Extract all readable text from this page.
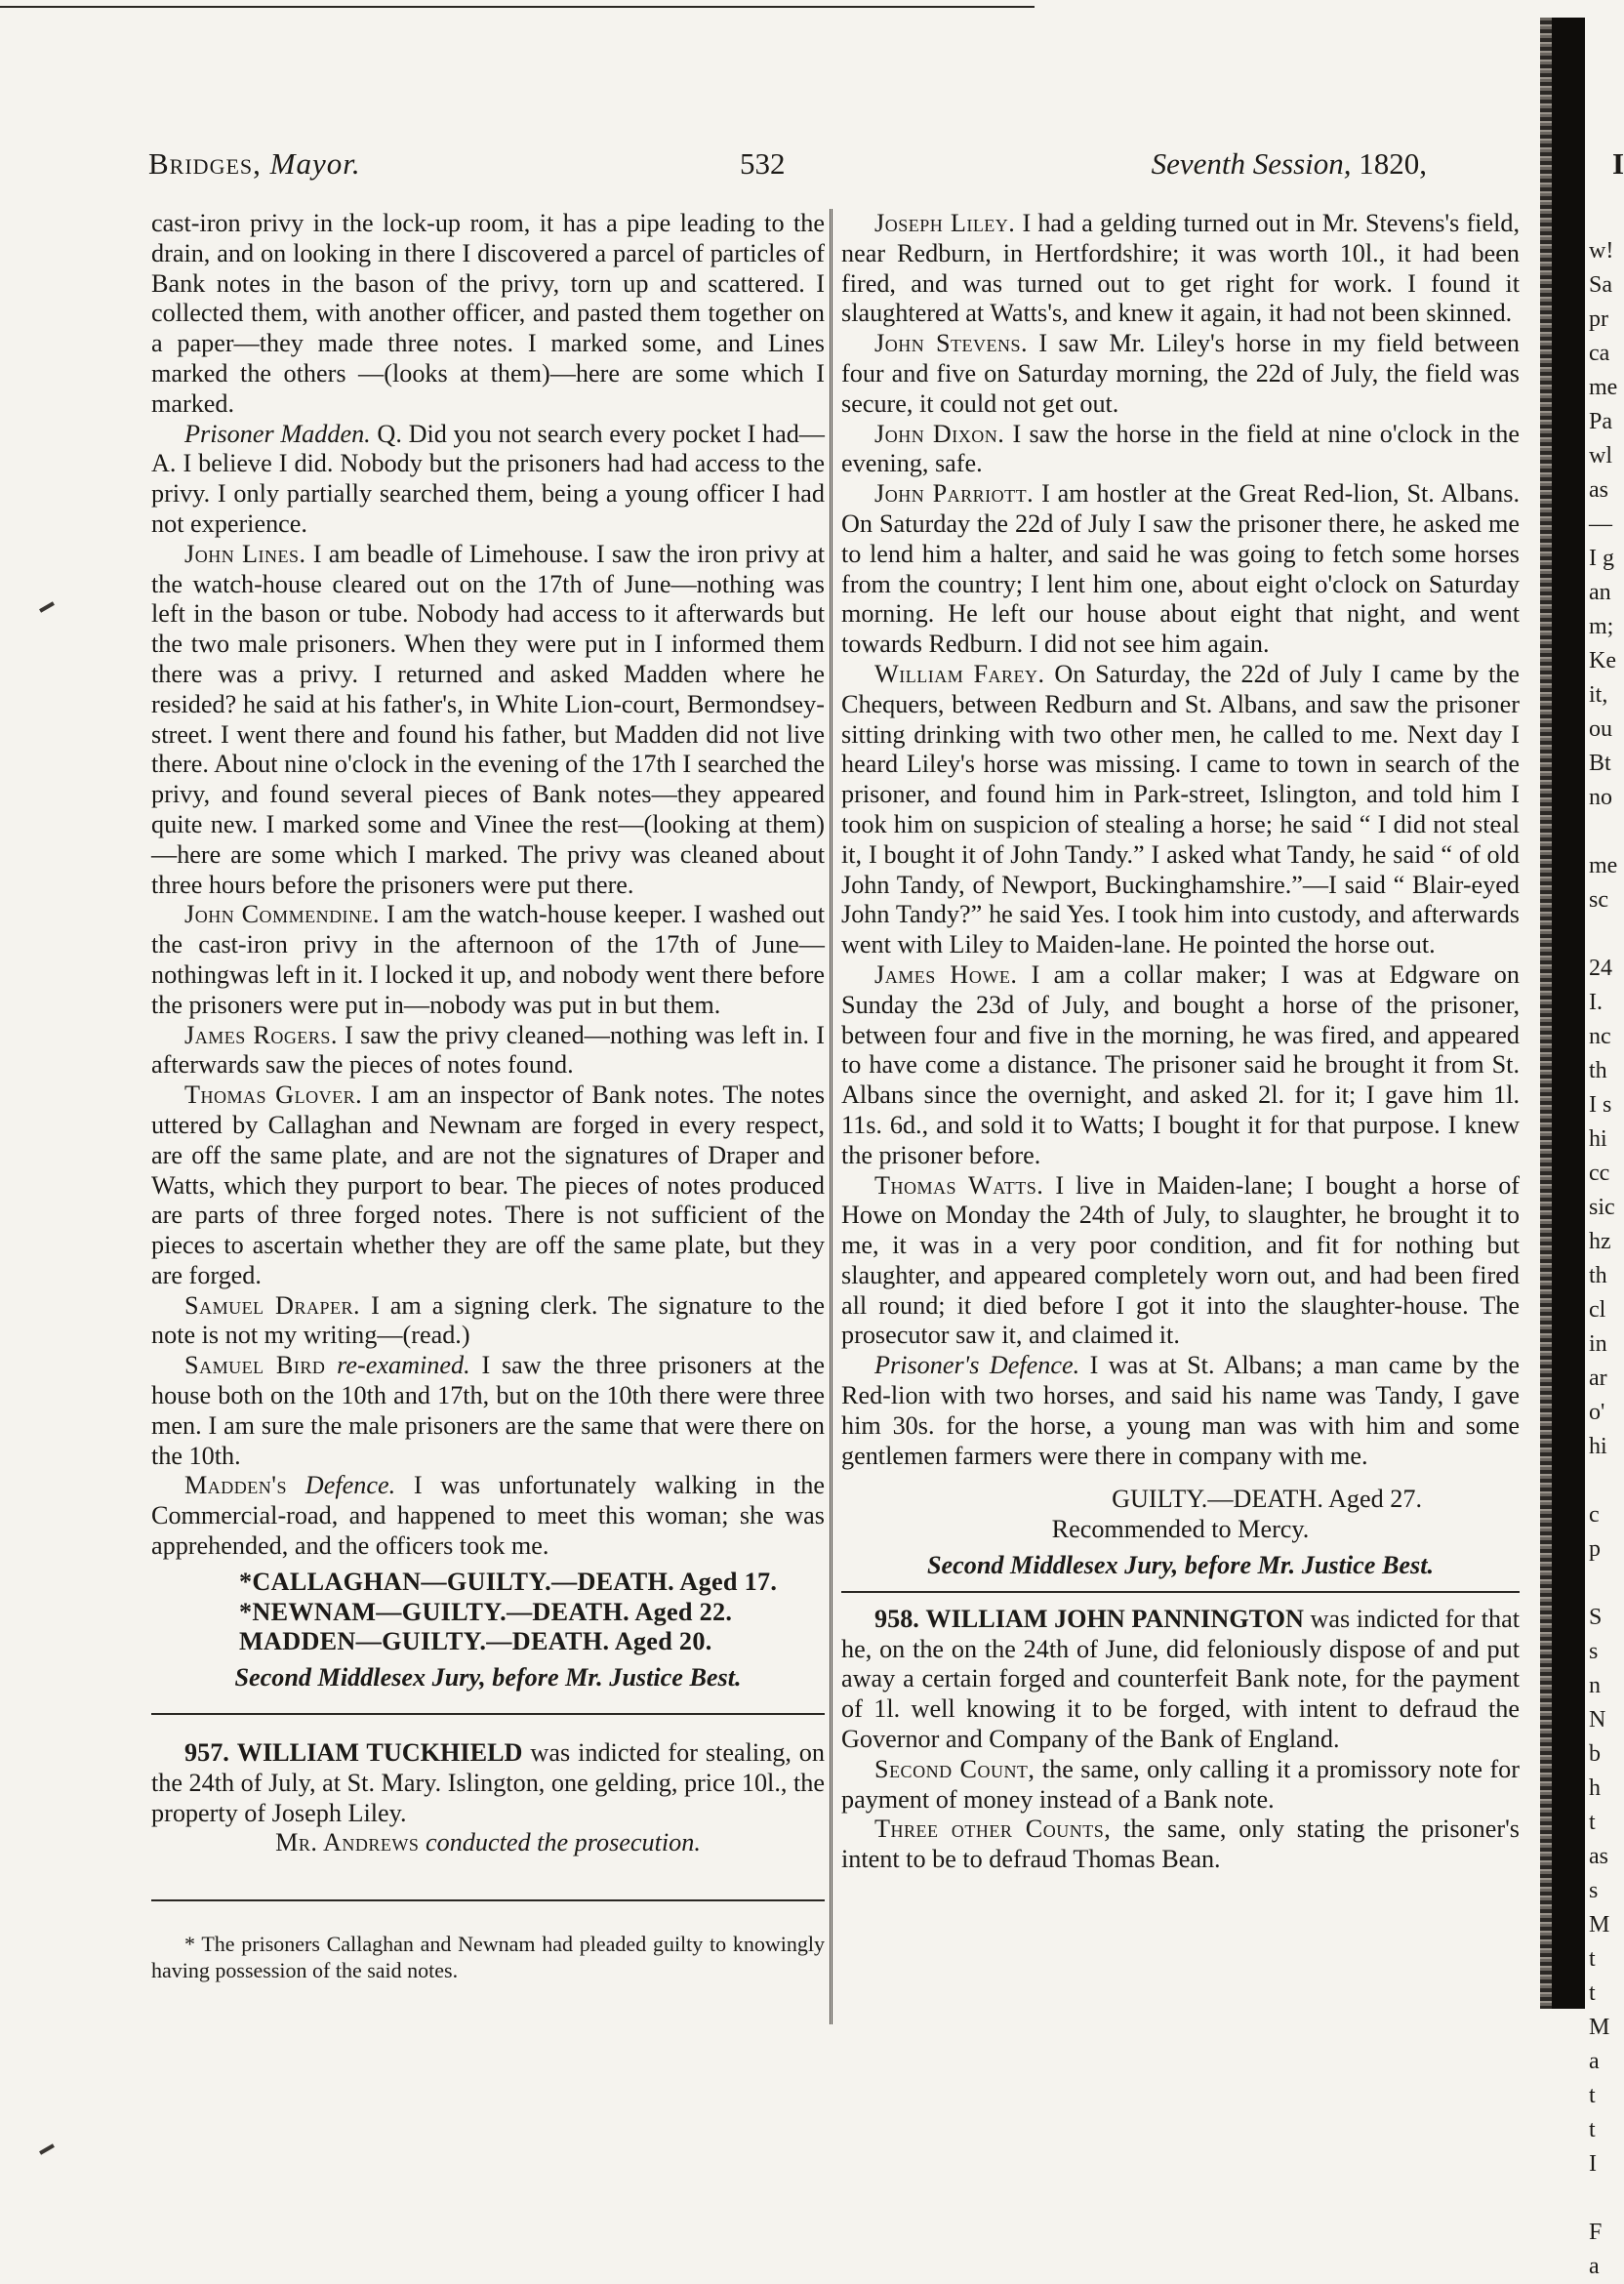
Bridges, Mayor.	532	Seventh Session, 1820,	I

cast-iron privy in the lock-up room, it has a pipe leading to the drain, and on looking in there I discovered a parcel of particles of Bank notes in the bason of the privy, torn up and scattered. I collected them, with another officer, and pasted them together on a paper—they made three notes. I marked some, and Lines marked the others —(looks at them)—here are some which I marked.

Prisoner Madden. Q. Did you not search every pocket I had—A. I believe I did. Nobody but the prisoners had had access to the privy. I only partially searched them, being a young officer I had not experience.

John Lines. I am beadle of Limehouse. I saw the iron privy at the watch-house cleared out on the 17th of June—nothing was left in the bason or tube. Nobody had access to it afterwards but the two male prisoners. When they were put in I informed them there was a privy. I returned and asked Madden where he resided? he said at his father's, in White Lion-court, Bermondsey-street. I went there and found his father, but Madden did not live there. About nine o'clock in the evening of the 17th I searched the privy, and found several pieces of Bank notes—they appeared quite new. I marked some and Vinee the rest—(looking at them)—here are some which I marked. The privy was cleaned about three hours before the prisoners were put there.

John Commendine. I am the watch-house keeper. I washed out the cast-iron privy in the afternoon of the 17th of June—nothingwas left in it. I locked it up, and nobody went there before the prisoners were put in—nobody was put in but them.

James Rogers. I saw the privy cleaned—nothing was left in. I afterwards saw the pieces of notes found.

Thomas Glover. I am an inspector of Bank notes. The notes uttered by Callaghan and Newnam are forged in every respect, are off the same plate, and are not the signatures of Draper and Watts, which they purport to bear. The pieces of notes produced are parts of three forged notes. There is not sufficient of the pieces to ascertain whether they are off the same plate, but they are forged.

Samuel Draper. I am a signing clerk. The signature to the note is not my writing—(read.)

Samuel Bird re-examined. I saw the three prisoners at the house both on the 10th and 17th, but on the 10th there were three men. I am sure the male prisoners are the same that were there on the 10th.

Madden's Defence. I was unfortunately walking in the Commercial-road, and happened to meet this woman; she was apprehended, and the officers took me.

*CALLAGHAN—GUILTY.—DEATH. Aged 17.

*NEWNAM—GUILTY.—DEATH. Aged 22.

MADDEN—GUILTY.—DEATH. Aged 20.

Second Middlesex Jury, before Mr. Justice Best.

957. WILLIAM TUCKHIELD was indicted for stealing, on the 24th of July, at St. Mary. Islington, one gelding, price 10l., the property of Joseph Liley.

Mr. Andrews conducted the prosecution.

* The prisoners Callaghan and Newnam had pleaded guilty to knowingly having possession of the said notes.

Joseph Liley. I had a gelding turned out in Mr. Stevens's field, near Redburn, in Hertfordshire; it was worth 10l., it had been fired, and was turned out to get right for work. I found it slaughtered at Watts's, and knew it again, it had not been skinned.

John Stevens. I saw Mr. Liley's horse in my field between four and five on Saturday morning, the 22d of July, the field was secure, it could not get out.

John Dixon. I saw the horse in the field at nine o'clock in the evening, safe.

John Parriott. I am hostler at the Great Red-lion, St. Albans. On Saturday the 22d of July I saw the prisoner there, he asked me to lend him a halter, and said he was going to fetch some horses from the country; I lent him one, about eight o'clock on Saturday morning. He left our house about eight that night, and went towards Redburn. I did not see him again.

William Farey. On Saturday, the 22d of July I came by the Chequers, between Redburn and St. Albans, and saw the prisoner sitting drinking with two other men, he called to me. Next day I heard Liley's horse was missing. I came to town in search of the prisoner, and found him in Park-street, Islington, and told him I took him on suspicion of stealing a horse; he said “ I did not steal it, I bought it of John Tandy.” I asked what Tandy, he said “ of old John Tandy, of Newport, Buckinghamshire.”—I said “ Blair-eyed John Tandy?” he said Yes. I took him into custody, and afterwards went with Liley to Maiden-lane. He pointed the horse out.

James Howe. I am a collar maker; I was at Edgware on Sunday the 23d of July, and bought a horse of the prisoner, between four and five in the morning, he was fired, and appeared to have come a distance. The prisoner said he brought it from St. Albans since the overnight, and asked 2l. for it; I gave him 1l. 11s. 6d., and sold it to Watts; I bought it for that purpose. I knew the prisoner before.

Thomas Watts. I live in Maiden-lane; I bought a horse of Howe on Monday the 24th of July, to slaughter, he brought it to me, it was in a very poor condition, and fit for nothing but slaughter, and appeared completely worn out, and had been fired all round; it died before I got it into the slaughter-house. The prosecutor saw it, and claimed it.

Prisoner's Defence. I was at St. Albans; a man came by the Red-lion with two horses, and said his name was Tandy, I gave him 30s. for the horse, a young man was with him and some gentlemen farmers were there in company with me.

GUILTY.—DEATH. Aged 27.

Recommended to Mercy.

Second Middlesex Jury, before Mr. Justice Best.

958. WILLIAM JOHN PANNINGTON was indicted for that he, on the on the 24th of June, did feloniously dispose of and put away a certain forged and counterfeit Bank note, for the payment of 1l. well knowing it to be forged, with intent to defraud the Governor and Company of the Bank of England.

Second Count, the same, only calling it a promissory note for payment of money instead of a Bank note.

Three other Counts, the same, only stating the prisoner's intent to be to defraud Thomas Bean.

w!
Sa
pr
ca
me
Pa
wl
as
—
I g
an
m;
Ke
it,
ou
Bt
no

me
sc

24
I.
nc
th
I s
hi
cc
sic
hz
th
cl
in
ar
o'
hi

c
p

S
s
n
N
b
h
t
as
s
M
t
t
M
a
t
t
I

F
a
